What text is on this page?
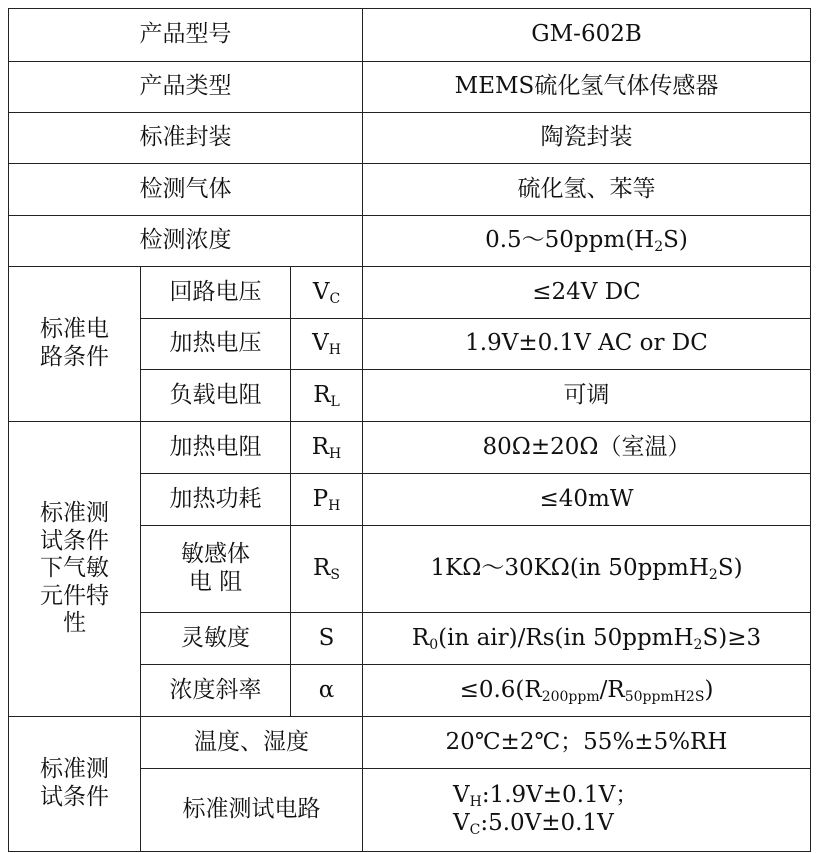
产品型号			GM-602B
产品类型			MEMS硫化氢气体传感器
标准封装			陶瓷封装
检测气体			硫化氢、苯等
检测浓度			$0.5\sim 50ppm(H_2S)$

标准电
路条件	回路电压	$V_C$	≤24V DC
	加热电压	$V_H$	1.9V±0.1V AC or DC
	负载电阻	$R_L$	可调

标准测
试条件
下气敏
元件特
性	加热电阻	$R_H$	80Ω±20Ω（室温）
	加热功耗	$P_H$	≤40mW

	敏感体
电 阻	$R_S$	1KΩ～30KΩ(in 50ppmH$_2$S)
	灵敏度	S	$R_0(in$ air)/Rs(in 50ppmH$_2$S)≥3
	浓度斜率	α	$\le 0.6(R_{200ppm}/R_{50ppmH2S})$

标准测
试条件	温度、湿度		20℃±2℃；55%±5%RH
	标准测试电路		$V_H:1.9V\pm 0.1V$；
$V_C:5.0V\pm 0.1V$
